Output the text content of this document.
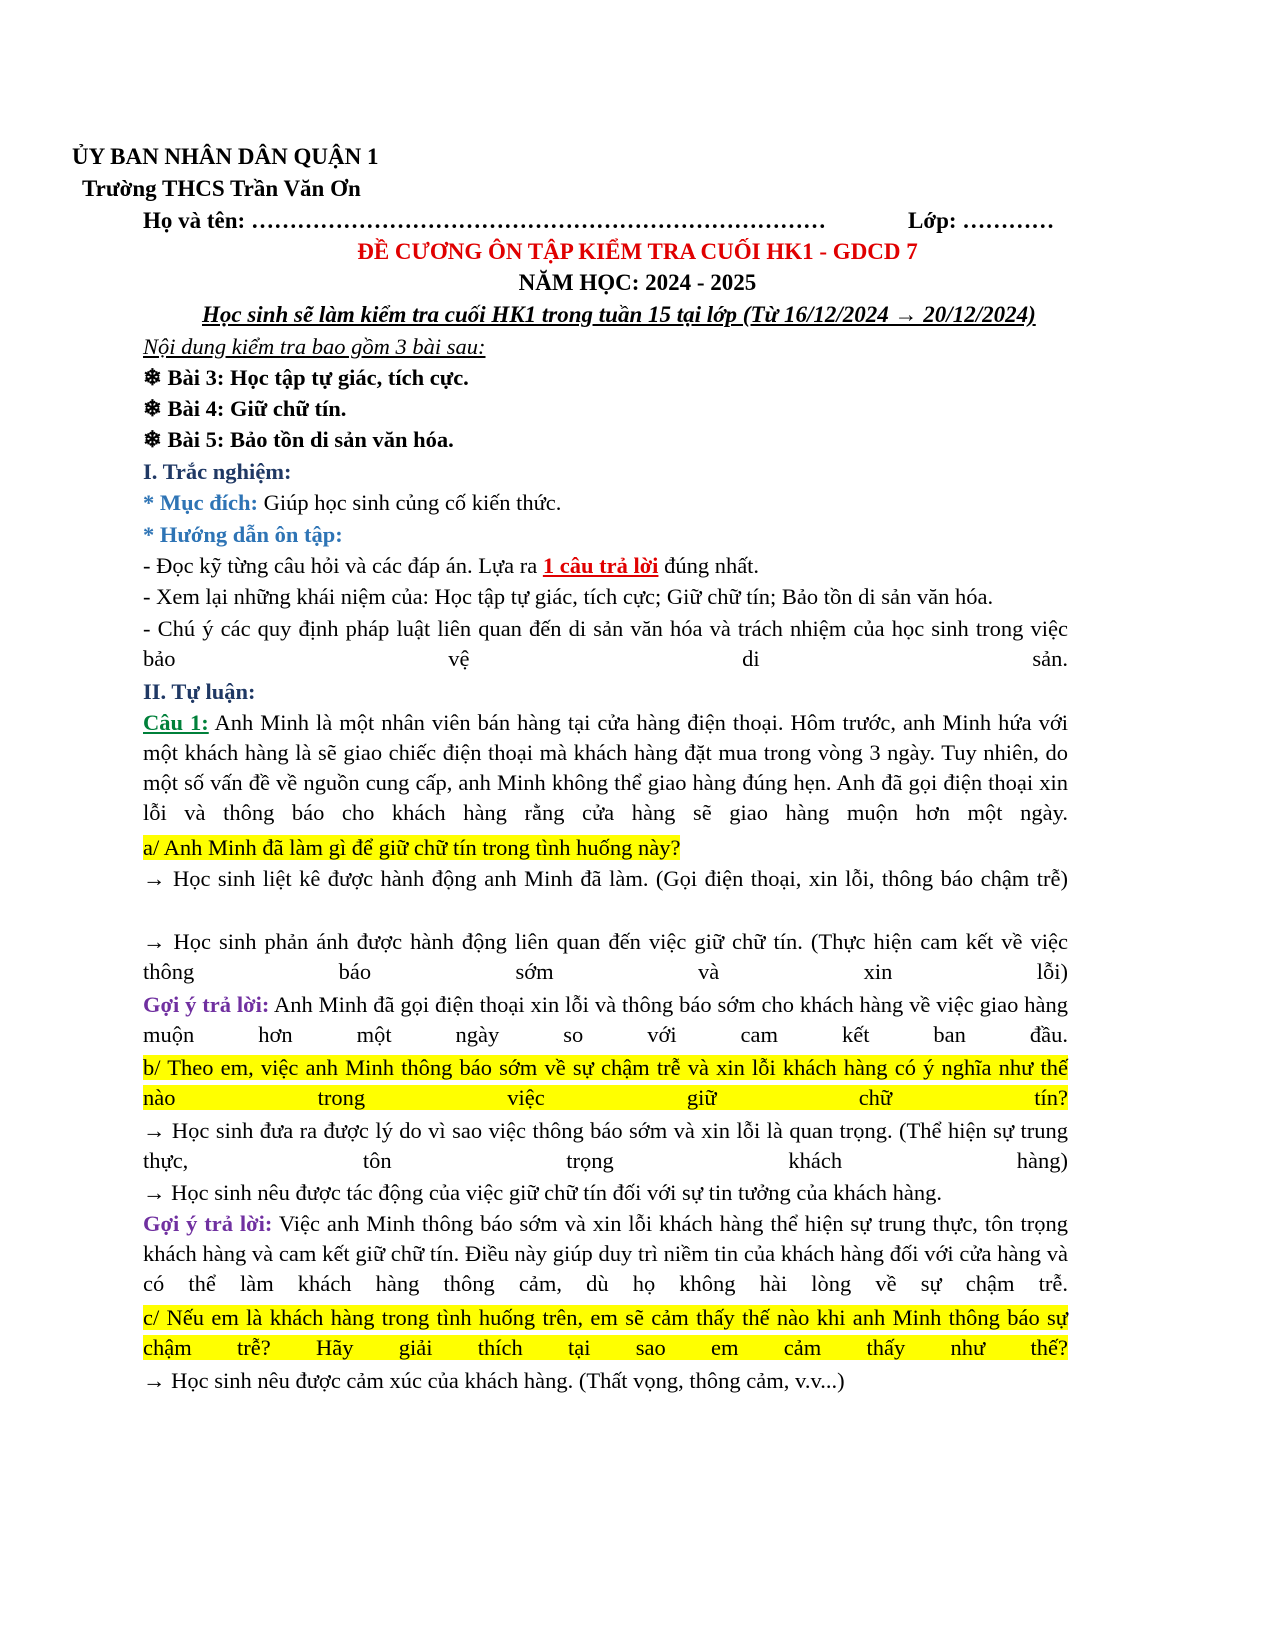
ỦY BAN NHÂN DÂN QUẬN 1
Trường THCS Trần Văn Ơn
Họ và tên: …………………………………………………………………	Lớp: …………
ĐỀ CƯƠNG ÔN TẬP KIỂM TRA CUỐI HK1 - GDCD 7
NĂM HỌC: 2024 - 2025
Học sinh sẽ làm kiểm tra cuối HK1 trong tuần 15 tại lớp (Từ 16/12/2024 → 20/12/2024)
Nội dung kiểm tra bao gồm 3 bài sau:
❄ Bài 3: Học tập tự giác, tích cực.
❄ Bài 4: Giữ chữ tín.
❄ Bài 5: Bảo tồn di sản văn hóa.
I. Trắc nghiệm:
* Mục đích: Giúp học sinh củng cố kiến thức.
* Hướng dẫn ôn tập:
- Đọc kỹ từng câu hỏi và các đáp án. Lựa ra 1 câu trả lời đúng nhất.
- Xem lại những khái niệm của: Học tập tự giác, tích cực; Giữ chữ tín; Bảo tồn di sản văn hóa.
- Chú ý các quy định pháp luật liên quan đến di sản văn hóa và trách nhiệm của học sinh trong việc bảo vệ di sản.
II. Tự luận:
Câu 1: Anh Minh là một nhân viên bán hàng tại cửa hàng điện thoại. Hôm trước, anh Minh hứa với một khách hàng là sẽ giao chiếc điện thoại mà khách hàng đặt mua trong vòng 3 ngày. Tuy nhiên, do một số vấn đề về nguồn cung cấp, anh Minh không thể giao hàng đúng hẹn. Anh đã gọi điện thoại xin lỗi và thông báo cho khách hàng rằng cửa hàng sẽ giao hàng muộn hơn một ngày.
a/ Anh Minh đã làm gì để giữ chữ tín trong tình huống này?
→ Học sinh liệt kê được hành động anh Minh đã làm. (Gọi điện thoại, xin lỗi, thông báo chậm trễ)
→ Học sinh phản ánh được hành động liên quan đến việc giữ chữ tín. (Thực hiện cam kết về việc thông báo sớm và xin lỗi)
Gợi ý trả lời: Anh Minh đã gọi điện thoại xin lỗi và thông báo sớm cho khách hàng về việc giao hàng muộn hơn một ngày so với cam kết ban đầu.
b/ Theo em, việc anh Minh thông báo sớm về sự chậm trễ và xin lỗi khách hàng có ý nghĩa như thế nào trong việc giữ chữ tín?
→ Học sinh đưa ra được lý do vì sao việc thông báo sớm và xin lỗi là quan trọng. (Thể hiện sự trung thực, tôn trọng khách hàng)
→ Học sinh nêu được tác động của việc giữ chữ tín đối với sự tin tưởng của khách hàng.
Gợi ý trả lời: Việc anh Minh thông báo sớm và xin lỗi khách hàng thể hiện sự trung thực, tôn trọng khách hàng và cam kết giữ chữ tín. Điều này giúp duy trì niềm tin của khách hàng đối với cửa hàng và có thể làm khách hàng thông cảm, dù họ không hài lòng về sự chậm trễ.
c/ Nếu em là khách hàng trong tình huống trên, em sẽ cảm thấy thế nào khi anh Minh thông báo sự chậm trễ? Hãy giải thích tại sao em cảm thấy như thế?
→ Học sinh nêu được cảm xúc của khách hàng. (Thất vọng, thông cảm, v.v...)
